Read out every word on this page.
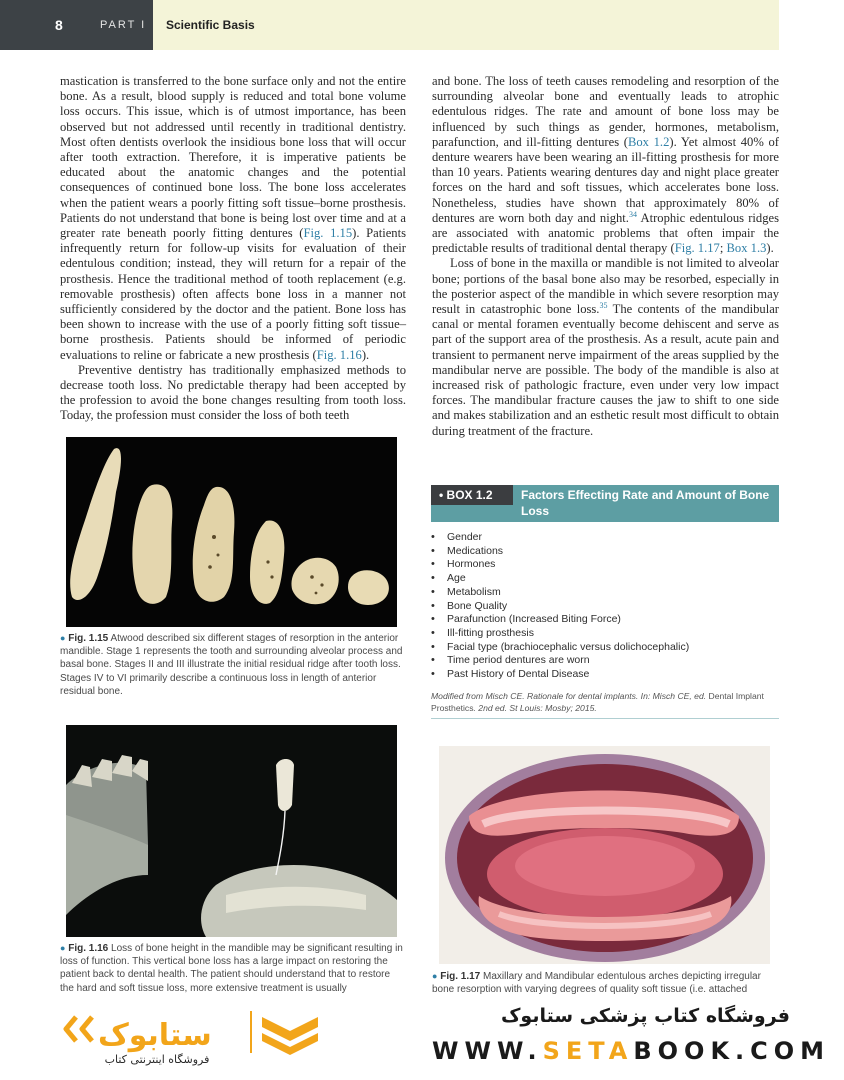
8	PART I Scientific Basis

mastication is transferred to the bone surface only and not the entire bone. As a result, blood supply is reduced and total bone volume loss occurs. This issue, which is of utmost importance, has been observed but not addressed until recently in traditional dentistry. Most often dentists overlook the insidious bone loss that will occur after tooth extraction. Therefore, it is imperative patients be educated about the anatomic changes and the potential consequences of continued bone loss. The bone loss accelerates when the patient wears a poorly fitting soft tissue–borne prosthesis. Patients do not understand that bone is being lost over time and at a greater rate beneath poorly fitting dentures (Fig. 1.15). Patients infrequently return for follow-up visits for evaluation of their edentulous condition; instead, they will return for a repair of the prosthesis. Hence the traditional method of tooth replacement (e.g. removable prosthesis) often affects bone loss in a manner not sufficiently considered by the doctor and the patient. Bone loss has been shown to increase with the use of a poorly fitting soft tissue–borne prosthesis. Patients should be informed of periodic evaluations to reline or fabricate a new prosthesis (Fig. 1.16).

Preventive dentistry has traditionally emphasized methods to decrease tooth loss. No predictable therapy had been accepted by the profession to avoid the bone changes resulting from tooth loss. Today, the profession must consider the loss of both teeth

and bone. The loss of teeth causes remodeling and resorption of the surrounding alveolar bone and eventually leads to atrophic edentulous ridges. The rate and amount of bone loss may be influenced by such things as gender, hormones, metabolism, parafunction, and ill-fitting dentures (Box 1.2). Yet almost 40% of denture wearers have been wearing an ill-fitting prosthesis for more than 10 years. Patients wearing dentures day and night place greater forces on the hard and soft tissues, which accelerates bone loss. Nonetheless, studies have shown that approximately 80% of dentures are worn both day and night.$^{34}$ Atrophic edentulous ridges are associated with anatomic problems that often impair the predictable results of traditional dental therapy (Fig. 1.17; Box 1.3).

Loss of bone in the maxilla or mandible is not limited to alveolar bone; portions of the basal bone also may be resorbed, especially in the posterior aspect of the mandible in which severe resorption may result in catastrophic bone loss.$^{35}$ The contents of the mandibular canal or mental foramen eventually become dehiscent and serve as part of the support area of the prosthesis. As a result, acute pain and transient to permanent nerve impairment of the areas supplied by the mandibular nerve are possible. The body of the mandible is also at increased risk of pathologic fracture, even under very low impact forces. The mandibular fracture causes the jaw to shift to one side and makes stabilization and an esthetic result most difficult to obtain during treatment of the fracture.

● Fig. 1.15 Atwood described six different stages of resorption in the anterior mandible. Stage 1 represents the tooth and surrounding alveolar process and basal bone. Stages II and III illustrate the initial residual ridge after tooth loss. Stages IV to VI primarily describe a continuous loss in length of anterior residual bone.
● Fig. 1.16 Loss of bone height in the mandible may be significant resulting in loss of function. This vertical bone loss has a large impact on restoring the patient back to dental health. The patient should understand that to restore the hard and soft tissue loss, more extensive treatment is usually
• BOX 1.2	Factors Effecting Rate and Amount of Bone Loss
• Gender
• Medications
• Hormones
• Age
• Metabolism
• Bone Quality
• Parafunction (Increased Biting Force)
• Ill-fitting prosthesis
• Facial type (brachiocephalic versus dolichocephalic)
• Time period dentures are worn
• Past History of Dental Disease
Modified from Misch CE. Rationale for dental implants. In: Misch CE, ed. Dental Implant Prosthetics. 2nd ed. St Louis: Mosby; 2015.
● Fig. 1.17 Maxillary and Mandibular edentulous arches depicting irregular bone resorption with varying degrees of quality soft tissue (i.e. attached
ستابوک
فروشگاه اینترنتی کتاب
فروشگاه کتاب پزشکی ستابوک
WWW.SETABOOK.COM
